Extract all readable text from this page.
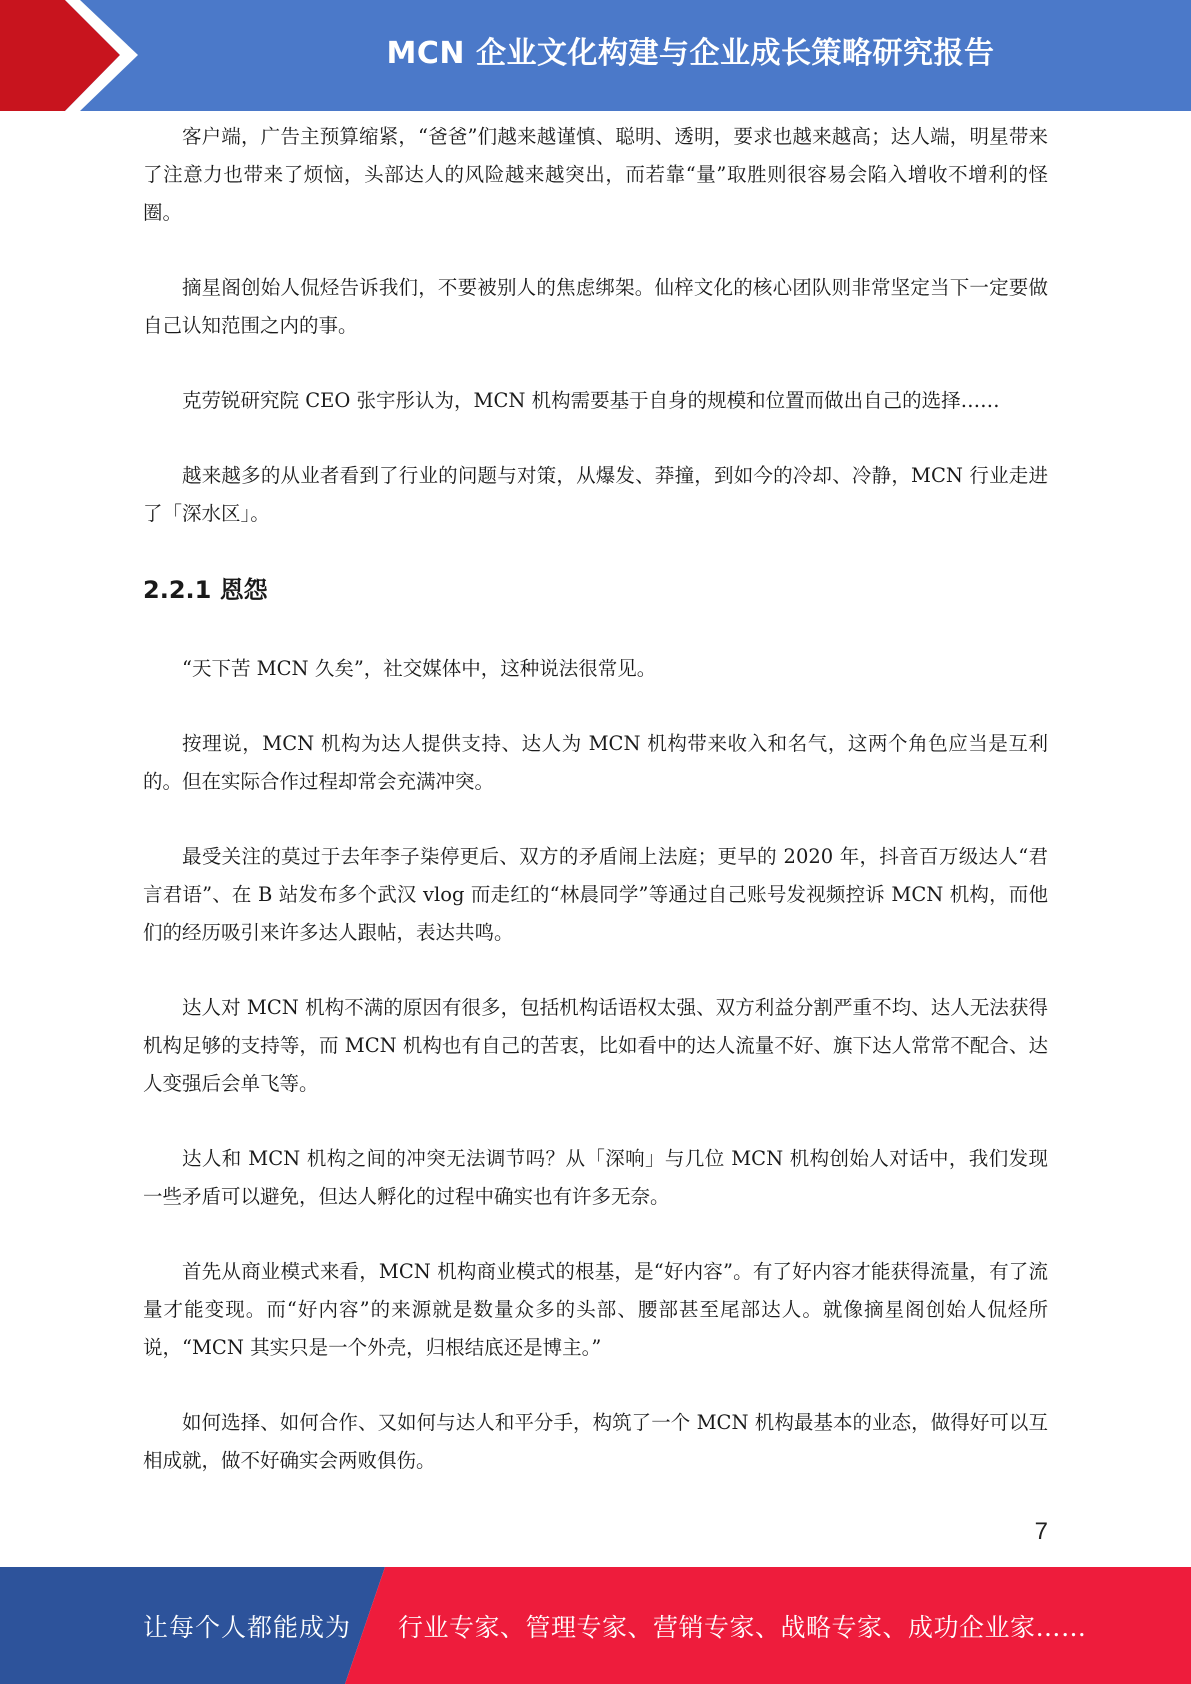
MCN 企业文化构建与企业成长策略研究报告

客户端，广告主预算缩紧，“爸爸”们越来越谨慎、聪明、透明，要求也越来越高；达人端，明星带来了注意力也带来了烦恼，头部达人的风险越来越突出，而若靠“量”取胜则很容易会陷入增收不增利的怪圈。

摘星阁创始人侃烃告诉我们，不要被别人的焦虑绑架。仙梓文化的核心团队则非常坚定当下一定要做自己认知范围之内的事。

克劳锐研究院 CEO 张宇彤认为，MCN 机构需要基于自身的规模和位置而做出自己的选择……

越来越多的从业者看到了行业的问题与对策，从爆发、莽撞，到如今的冷却、冷静，MCN 行业走进了「深水区」。

2.2.1 恩怨

“天下苦 MCN 久矣”，社交媒体中，这种说法很常见。

按理说，MCN 机构为达人提供支持、达人为 MCN 机构带来收入和名气，这两个角色应当是互利的。但在实际合作过程却常会充满冲突。

最受关注的莫过于去年李子柒停更后、双方的矛盾闹上法庭；更早的 2020 年，抖音百万级达人“君言君语”、在 B 站发布多个武汉 vlog 而走红的“林晨同学”等通过自己账号发视频控诉 MCN 机构，而他们的经历吸引来许多达人跟帖，表达共鸣。

达人对 MCN 机构不满的原因有很多，包括机构话语权太强、双方利益分割严重不均、达人无法获得机构足够的支持等，而 MCN 机构也有自己的苦衷，比如看中的达人流量不好、旗下达人常常不配合、达人变强后会单飞等。

达人和 MCN 机构之间的冲突无法调节吗？从「深响」与几位 MCN 机构创始人对话中，我们发现一些矛盾可以避免，但达人孵化的过程中确实也有许多无奈。

首先从商业模式来看，MCN 机构商业模式的根基，是“好内容”。有了好内容才能获得流量，有了流量才能变现。而“好内容”的来源就是数量众多的头部、腰部甚至尾部达人。就像摘星阁创始人侃烃所说，“MCN 其实只是一个外壳，归根结底还是博主。”

如何选择、如何合作、又如何与达人和平分手，构筑了一个 MCN 机构最基本的业态，做得好可以互相成就，做不好确实会两败俱伤。

7
让每个人都能成为 行业专家、管理专家、营销专家、战略专家、成功企业家……
